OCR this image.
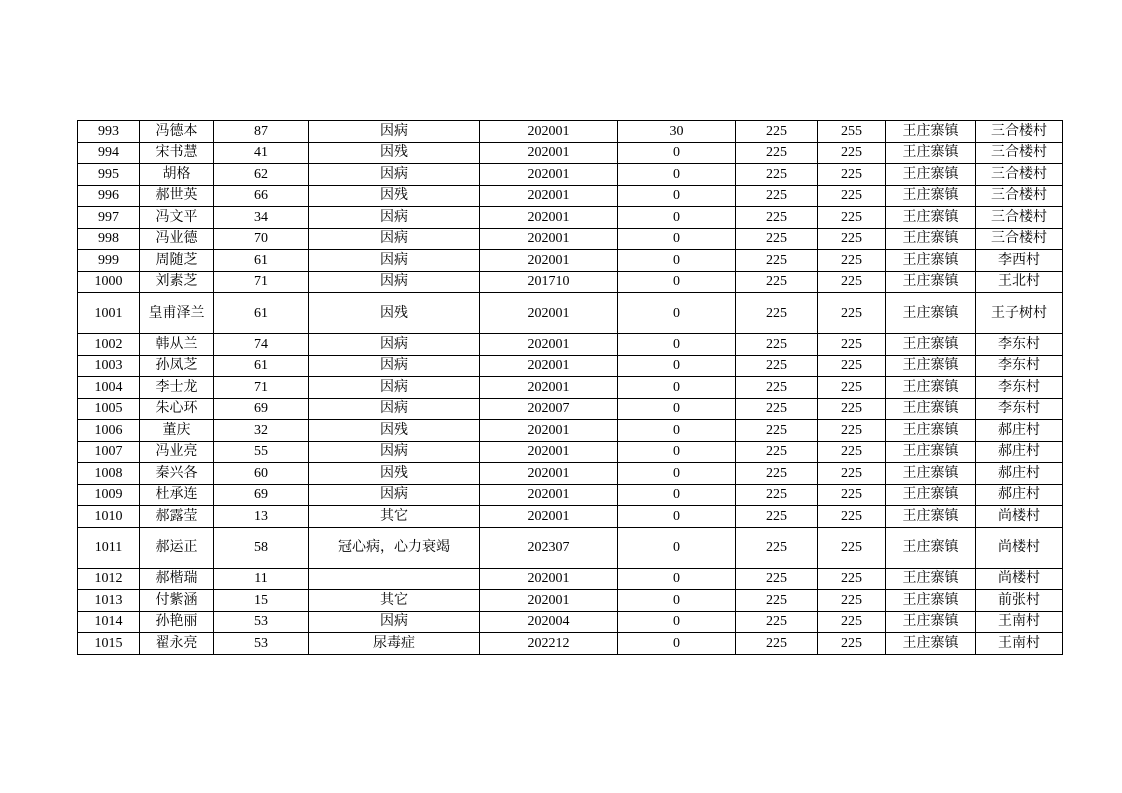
993	冯德本	87	因病	202001	30	225	255	王庄寨镇	三合楼村
994	宋书慧	41	因残	202001	0	225	225	王庄寨镇	三合楼村
995	胡格	62	因病	202001	0	225	225	王庄寨镇	三合楼村
996	郝世英	66	因残	202001	0	225	225	王庄寨镇	三合楼村
997	冯文平	34	因病	202001	0	225	225	王庄寨镇	三合楼村
998	冯业德	70	因病	202001	0	225	225	王庄寨镇	三合楼村
999	周随芝	61	因病	202001	0	225	225	王庄寨镇	李西村
1000	刘素芝	71	因病	201710	0	225	225	王庄寨镇	王北村
1001	皇甫泽兰	61	因残	202001	0	225	225	王庄寨镇	王子树村
1002	韩从兰	74	因病	202001	0	225	225	王庄寨镇	李东村
1003	孙凤芝	61	因病	202001	0	225	225	王庄寨镇	李东村
1004	李士龙	71	因病	202001	0	225	225	王庄寨镇	李东村
1005	朱心环	69	因病	202007	0	225	225	王庄寨镇	李东村
1006	董庆	32	因残	202001	0	225	225	王庄寨镇	郝庄村
1007	冯业亮	55	因病	202001	0	225	225	王庄寨镇	郝庄村
1008	秦兴各	60	因残	202001	0	225	225	王庄寨镇	郝庄村
1009	杜承连	69	因病	202001	0	225	225	王庄寨镇	郝庄村
1010	郝露莹	13	其它	202001	0	225	225	王庄寨镇	尚楼村
1011	郝运正	58	冠心病，心力衰竭	202307	0	225	225	王庄寨镇	尚楼村
1012	郝楷瑞	11		202001	0	225	225	王庄寨镇	尚楼村
1013	付紫涵	15	其它	202001	0	225	225	王庄寨镇	前张村
1014	孙艳丽	53	因病	202004	0	225	225	王庄寨镇	王南村
1015	翟永亮	53	尿毒症	202212	0	225	225	王庄寨镇	王南村
